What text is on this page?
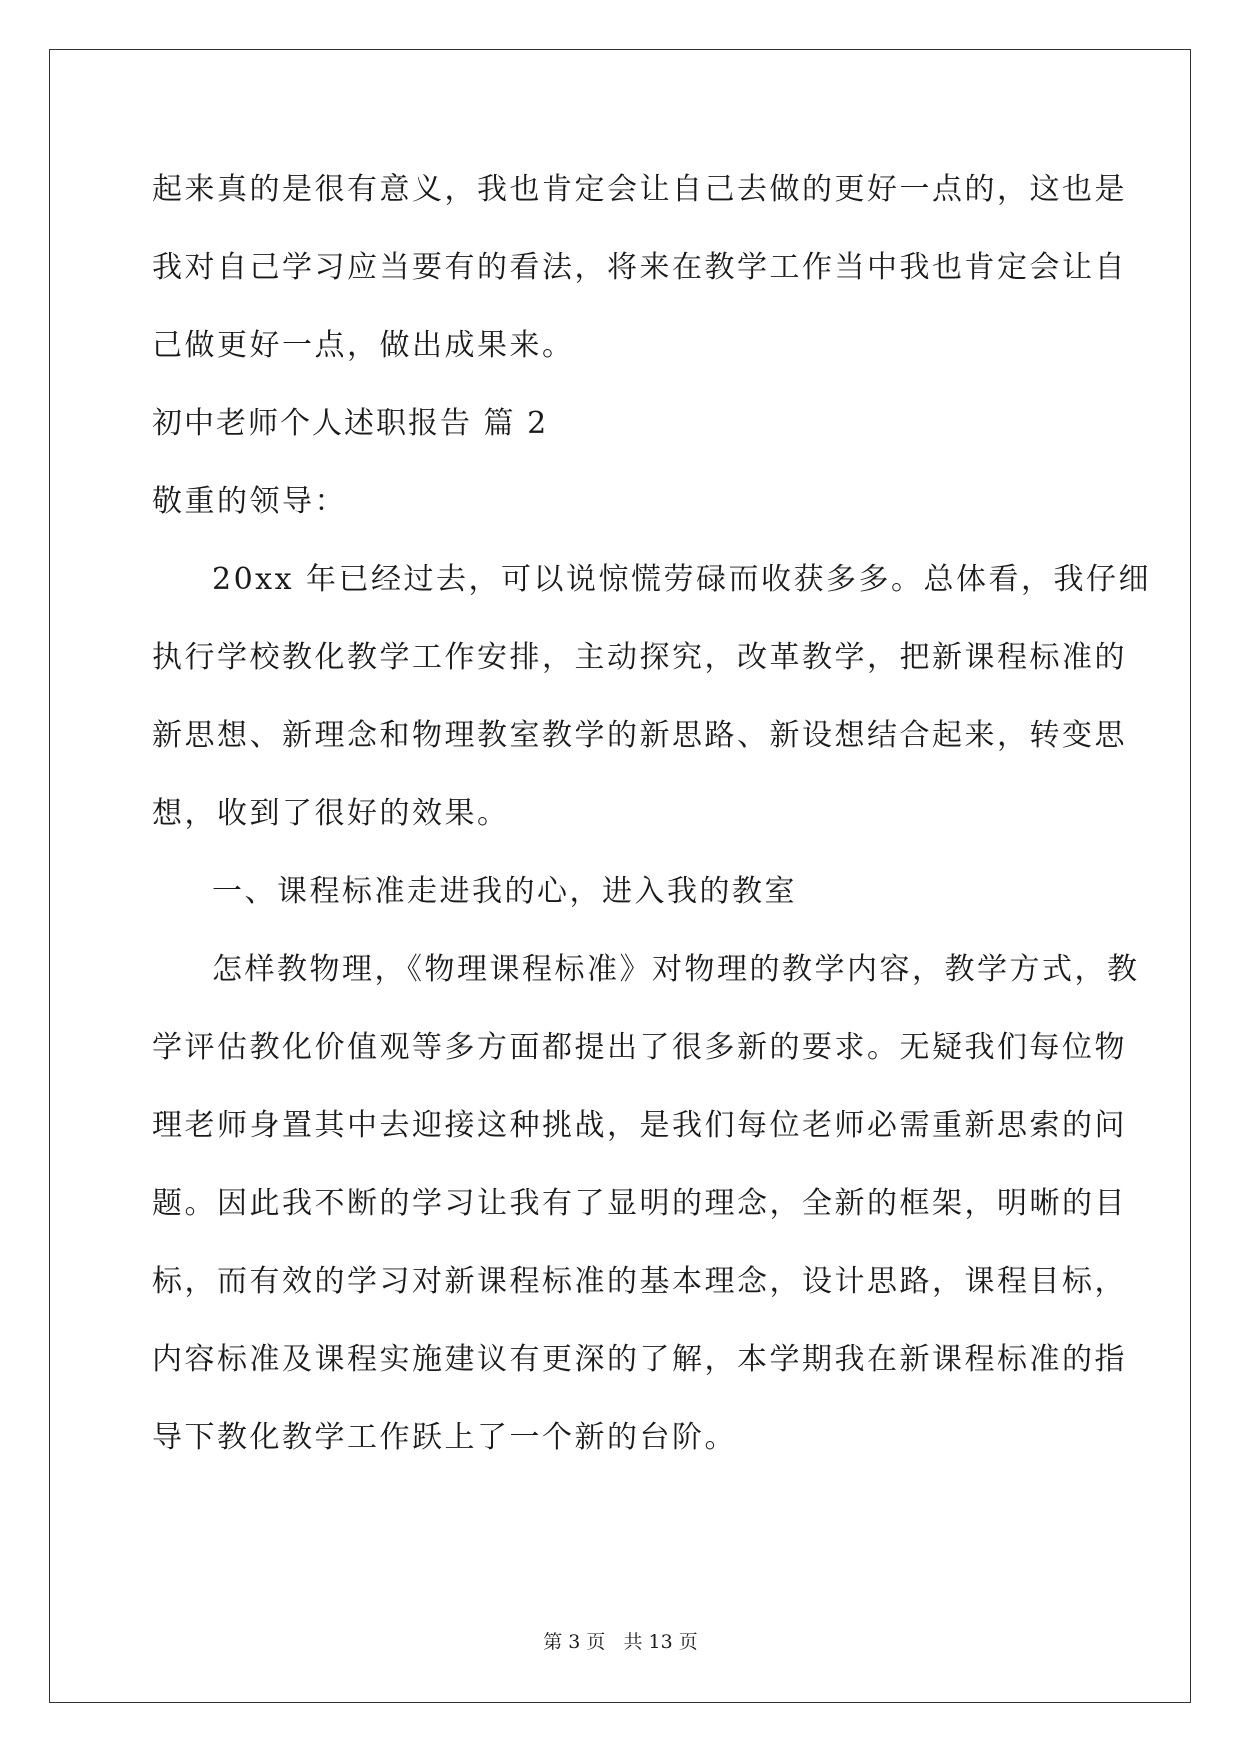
起来真的是很有意义，我也肯定会让自己去做的更好一点的，这也是
我对自己学习应当要有的看法，将来在教学工作当中我也肯定会让自
己做更好一点，做出成果来。
初中老师个人述职报告 篇 2
敬重的领导：
20xx 年已经过去，可以说惊慌劳碌而收获多多。总体看，我仔细
执行学校教化教学工作安排，主动探究，改革教学，把新课程标准的
新思想、新理念和物理教室教学的新思路、新设想结合起来，转变思
想，收到了很好的效果。
一、课程标准走进我的心，进入我的教室
怎样教物理，《物理课程标准》对物理的教学内容，教学方式，教
学评估教化价值观等多方面都提出了很多新的要求。无疑我们每位物
理老师身置其中去迎接这种挑战，是我们每位老师必需重新思索的问
题。因此我不断的学习让我有了显明的理念，全新的框架，明晰的目
标，而有效的学习对新课程标准的基本理念，设计思路，课程目标，
内容标准及课程实施建议有更深的了解，本学期我在新课程标准的指
导下教化教学工作跃上了一个新的台阶。
第 3 页 共 13 页
